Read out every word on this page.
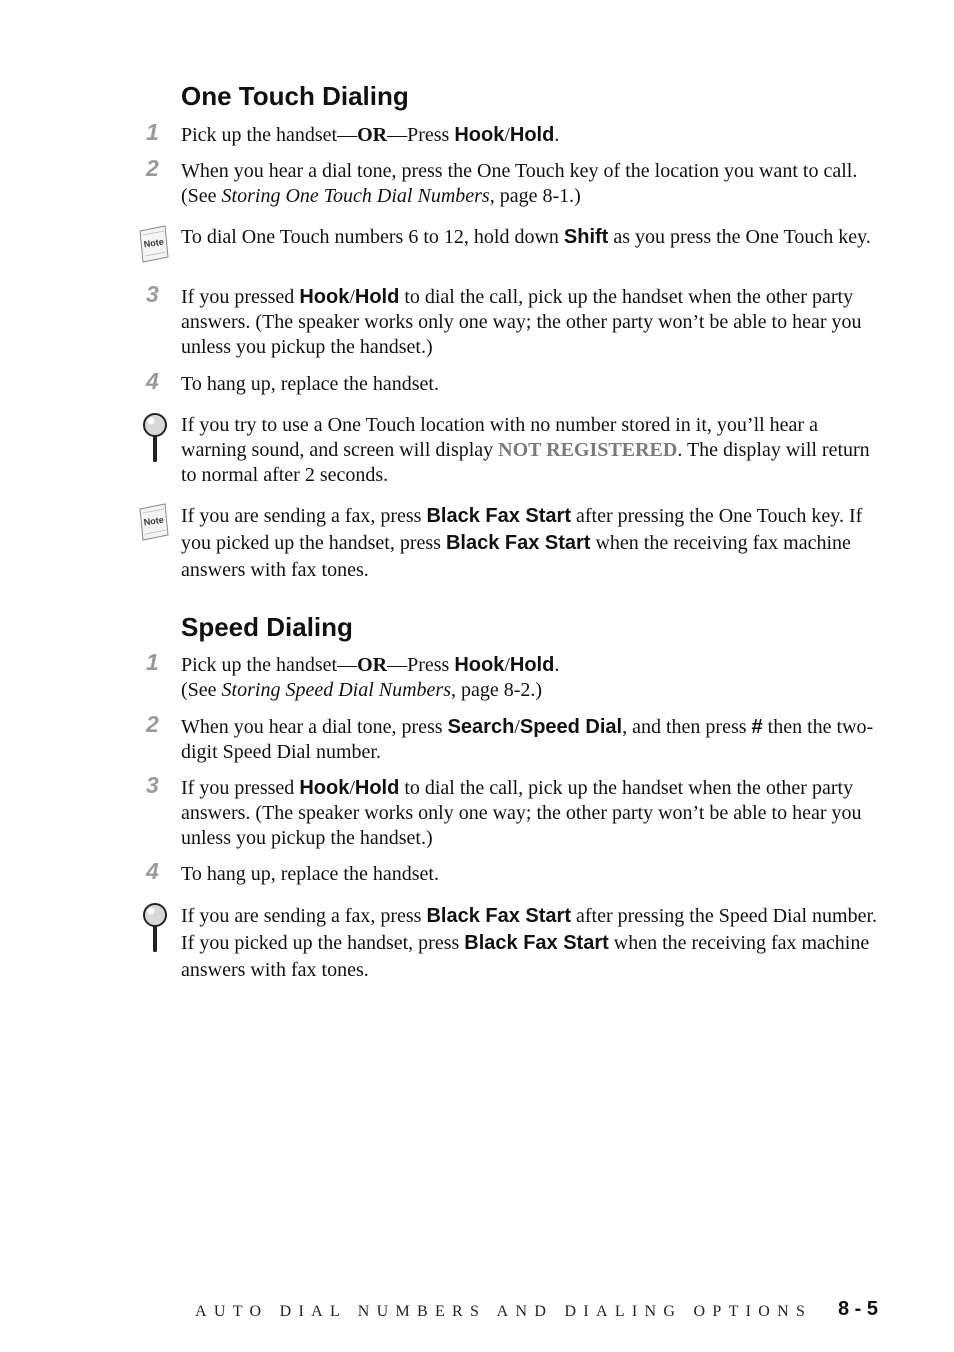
One Touch Dialing
1	Pick up the handset—OR—Press Hook/Hold.
2	When you hear a dial tone, press the One Touch key of the location you want to call. (See Storing One Touch Dial Numbers, page 8-1.)
Note To dial One Touch numbers 6 to 12, hold down Shift as you press the One Touch key.
3	If you pressed Hook/Hold to dial the call, pick up the handset when the other party answers. (The speaker works only one way; the other party won’t be able to hear you unless you pickup the handset.)
4	To hang up, replace the handset.
If you try to use a One Touch location with no number stored in it, you’ll hear a warning sound, and screen will display NOT REGISTERED. The display will return to normal after 2 seconds.
Note If you are sending a fax, press Black Fax Start after pressing the One Touch key. If you picked up the handset, press Black Fax Start when the receiving fax machine answers with fax tones.
Speed Dialing
1	Pick up the handset—OR—Press Hook/Hold.
(See Storing Speed Dial Numbers, page 8-2.)
2	When you hear a dial tone, press Search/Speed Dial, and then press # then the two-digit Speed Dial number.
3	If you pressed Hook/Hold to dial the call, pick up the handset when the other party answers. (The speaker works only one way; the other party won’t be able to hear you unless you pickup the handset.)
4	To hang up, replace the handset.
If you are sending a fax, press Black Fax Start after pressing the Speed Dial number. If you picked up the handset, press Black Fax Start when the receiving fax machine answers with fax tones.
AUTO DIAL NUMBERS AND DIALING OPTIONS 8 - 5
